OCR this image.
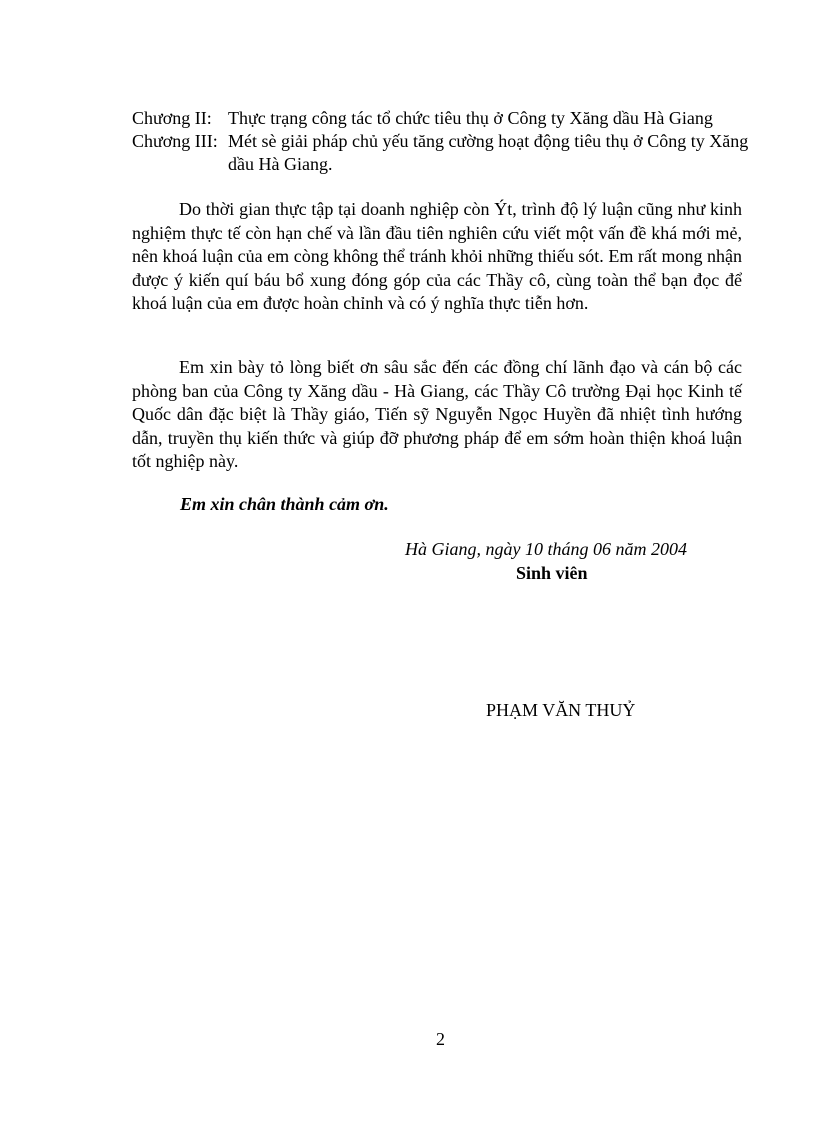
Chương II: Thực trạng công tác tổ chức tiêu thụ ở Công ty Xăng dầu Hà Giang
Chương III: Mét sè giải pháp chủ yếu tăng cường hoạt động tiêu thụ ở Công ty Xăng dầu Hà Giang.

Do thời gian thực tập tại doanh nghiệp còn Ýt, trình độ lý luận cũng như kinh nghiệm thực tế còn hạn chế và lần đầu tiên nghiên cứu viết một vấn đề khá mới mẻ, nên khoá luận của em còng không thể tránh khỏi những thiếu sót. Em rất mong nhận được ý kiến quí báu bổ xung đóng góp của các Thầy cô, cùng toàn thể bạn đọc để khoá luận của em được hoàn chỉnh và có ý nghĩa thực tiễn hơn.

Em xin bày tỏ lòng biết ơn sâu sắc đến các đồng chí lãnh đạo và cán bộ các phòng ban của Công ty Xăng dầu - Hà Giang, các Thầy Cô trường Đại học Kinh tế Quốc dân đặc biệt là Thầy giáo, Tiến sỹ Nguyễn Ngọc Huyền đã nhiệt tình hướng dẫn, truyền thụ kiến thức và giúp đỡ phương pháp để em sớm hoàn thiện khoá luận tốt nghiệp này.

Em xin chân thành cảm ơn.
Hà Giang, ngày 10 tháng 06 năm 2004
Sinh viên
PHẠM VĂN THUỶ
2
